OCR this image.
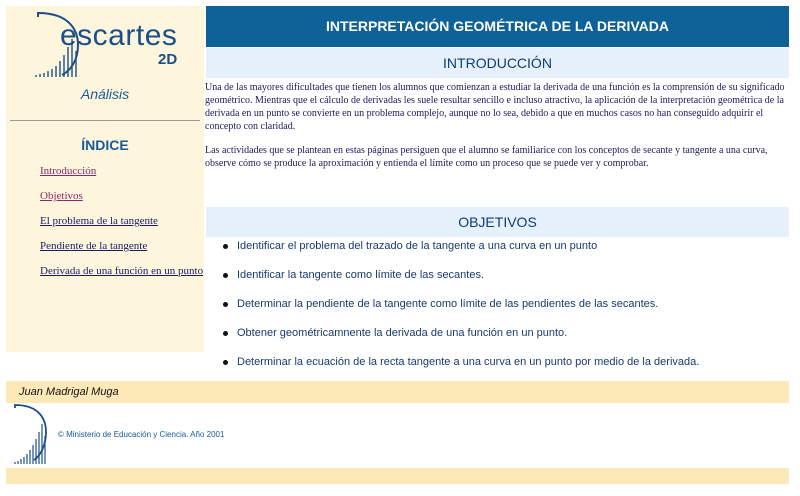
escartes
2D
Análisis
ÍNDICE
Introducción
Objetivos
El problema de la tangente
Pendiente de la tangente
Derivada de una función en un punto
INTERPRETACIÓN GEOMÉTRICA DE LA DERIVADA
INTRODUCCIÓN

Una de las mayores dificultades que tienen los alumnos que comienzan a estudiar la derivada de una función es la comprensión de su significado geométrico. Mientras que el cálculo de derivadas les suele resultar sencillo e incluso atractivo, la aplicación de la interpretación geométrica de la derivada en un punto se convierte en un problema complejo, aunque no lo sea, debido a que en muchos casos no han conseguido adquirir el concepto con claridad.

Las actividades que se plantean en estas páginas persiguen que el alumno se familiarice con los conceptos de secante y tangente a una curva, observe cómo se produce la aproximación y entienda el límite como un proceso que se puede ver y comprobar.

OBJETIVOS
Identificar el problema del trazado de la tangente a una curva en un punto
Identificar la tangente como límite de las secantes.
Determinar la pendiente de la tangente como límite de las pendientes de las secantes.
Obtener geométricamnente la derivada de una función en un punto.
Determinar la ecuación de la recta tangente a una curva en un punto por medio de la derivada.
Juan Madrigal Muga
© Ministerio de Educación y Ciencia. Año 2001
